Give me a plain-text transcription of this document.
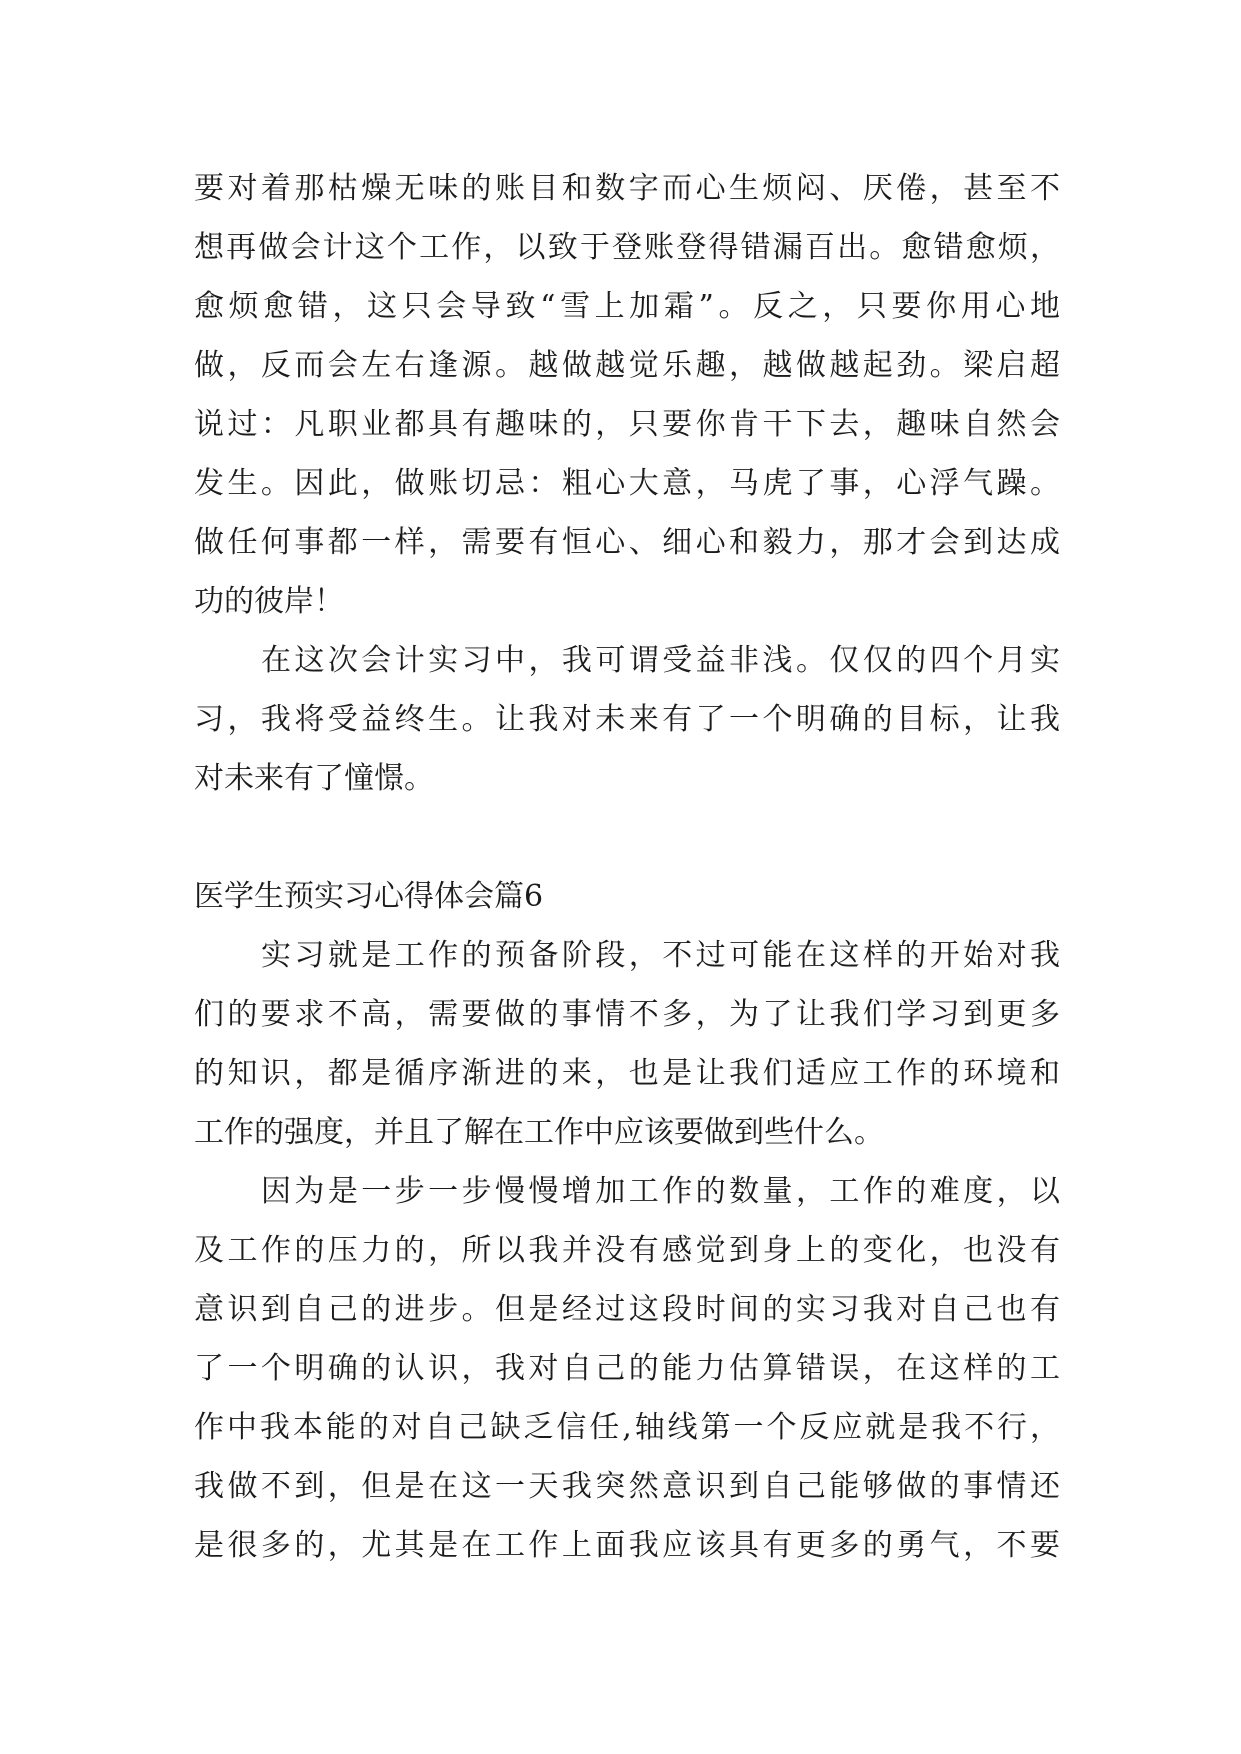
要对着那枯燥无味的账目和数字而心生烦闷、厌倦，甚至不
想再做会计这个工作，以致于登账登得错漏百出。愈错愈烦，
愈烦愈错，这只会导致“雪上加霜”。反之，只要你用心地
做，反而会左右逢源。越做越觉乐趣，越做越起劲。梁启超
说过：凡职业都具有趣味的，只要你肯干下去，趣味自然会
发生。因此，做账切忌：粗心大意，马虎了事，心浮气躁。
做任何事都一样，需要有恒心、细心和毅力，那才会到达成
功的彼岸！
在这次会计实习中，我可谓受益非浅。仅仅的四个月实
习，我将受益终生。让我对未来有了一个明确的目标，让我
对未来有了憧憬。
医学生预实习心得体会篇6
实习就是工作的预备阶段，不过可能在这样的开始对我
们的要求不高，需要做的事情不多，为了让我们学习到更多
的知识，都是循序渐进的来，也是让我们适应工作的环境和
工作的强度，并且了解在工作中应该要做到些什么。
因为是一步一步慢慢增加工作的数量，工作的难度，以
及工作的压力的，所以我并没有感觉到身上的变化，也没有
意识到自己的进步。但是经过这段时间的实习我对自己也有
了一个明确的认识，我对自己的能力估算错误，在这样的工
作中我本能的对自己缺乏信任,轴线第一个反应就是我不行，
我做不到，但是在这一天我突然意识到自己能够做的事情还
是很多的，尤其是在工作上面我应该具有更多的勇气，不要
